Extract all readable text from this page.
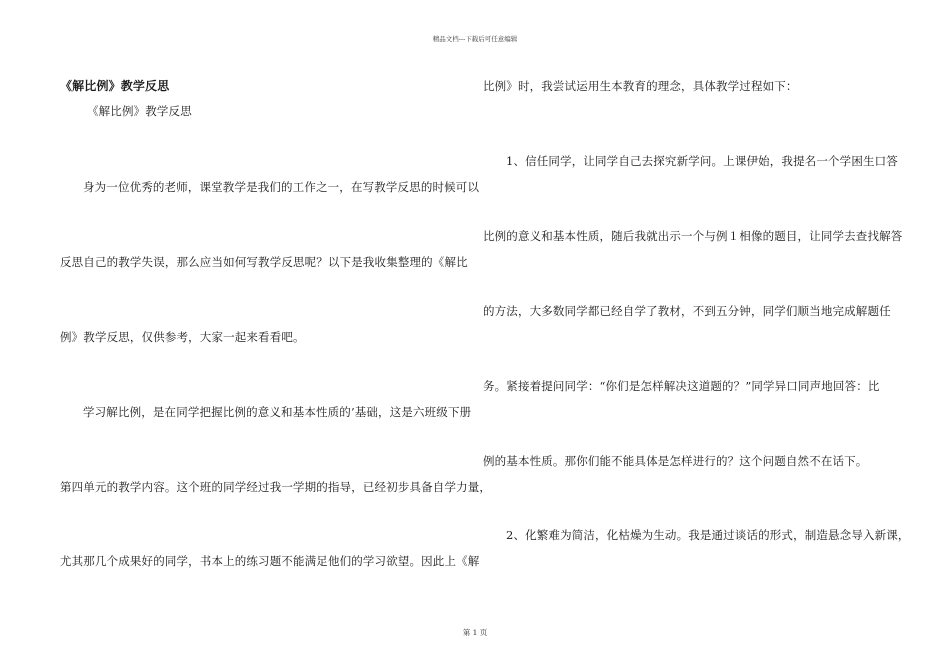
精品文档---下载后可任意编辑
《解比例》教学反思
《解比例》教学反思
身为一位优秀的老师，课堂教学是我们的工作之一，在写教学反思的时候可以
反思自己的教学失误，那么应当如何写教学反思呢？以下是我收集整理的《解比
例》教学反思，仅供参考，大家一起来看看吧。
学习解比例，是在同学把握比例的意义和基本性质的’基础，这是六班级下册
第四单元的教学内容。这个班的同学经过我一学期的指导，已经初步具备自学力量，
尤其那几个成果好的同学，书本上的练习题不能满足他们的学习欲望。因此上《解
比例》时，我尝试运用生本教育的理念，具体教学过程如下：
1、信任同学，让同学自己去探究新学问。上课伊始，我提名一个学困生口答
比例的意义和基本性质，随后我就出示一个与例１相像的题目，让同学去查找解答
的方法，大多数同学都已经自学了教材，不到五分钟，同学们顺当地完成解题任
务。紧接着提问同学：“你们是怎样解决这道题的？”同学异口同声地回答：比
例的基本性质。那你们能不能具体是怎样进行的？这个问题自然不在话下。
2、化繁难为简洁，化枯燥为生动。我是通过谈话的形式，制造悬念导入新课，
第 1 页
